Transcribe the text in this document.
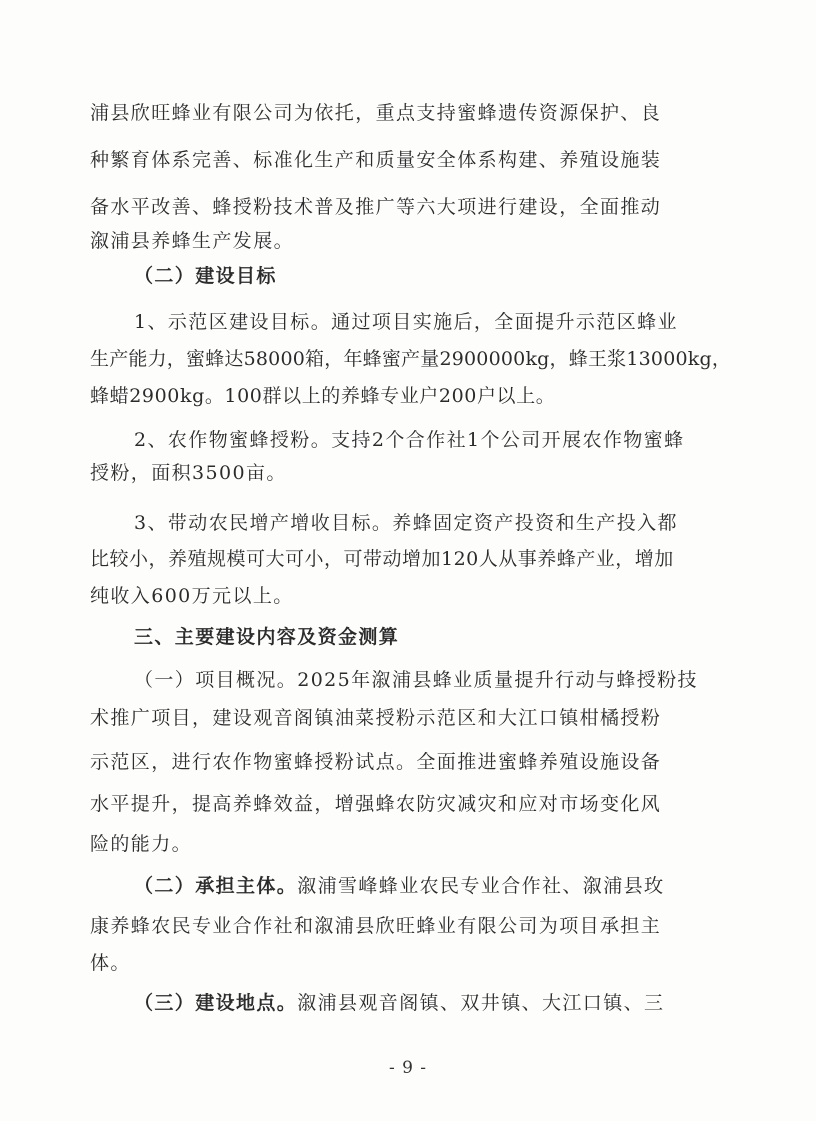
浦县欣旺蜂业有限公司为依托，重点支持蜜蜂遗传资源保护、良
种繁育体系完善、标准化生产和质量安全体系构建、养殖设施装
备水平改善、蜂授粉技术普及推广等六大项进行建设，全面推动
溆浦县养蜂生产发展。
（二）建设目标
1、示范区建设目标。通过项目实施后，全面提升示范区蜂业
生产能力，蜜蜂达58000箱，年蜂蜜产量2900000kg，蜂王浆13000kg，
蜂蜡2900kg。100群以上的养蜂专业户200户以上。
2、农作物蜜蜂授粉。支持2个合作社1个公司开展农作物蜜蜂
授粉，面积3500亩。
3、带动农民增产增收目标。养蜂固定资产投资和生产投入都
比较小，养殖规模可大可小，可带动增加120人从事养蜂产业，增加
纯收入600万元以上。
三、主要建设内容及资金测算
（一）项目概况。2025年溆浦县蜂业质量提升行动与蜂授粉技
术推广项目，建设观音阁镇油菜授粉示范区和大江口镇柑橘授粉
示范区，进行农作物蜜蜂授粉试点。全面推进蜜蜂养殖设施设备
水平提升，提高养蜂效益，增强蜂农防灾减灾和应对市场变化风
险的能力。
（二）承担主体。溆浦雪峰蜂业农民专业合作社、溆浦县玫
康养蜂农民专业合作社和溆浦县欣旺蜂业有限公司为项目承担主
体。
（三）建设地点。溆浦县观音阁镇、双井镇、大江口镇、三
- 9 -
